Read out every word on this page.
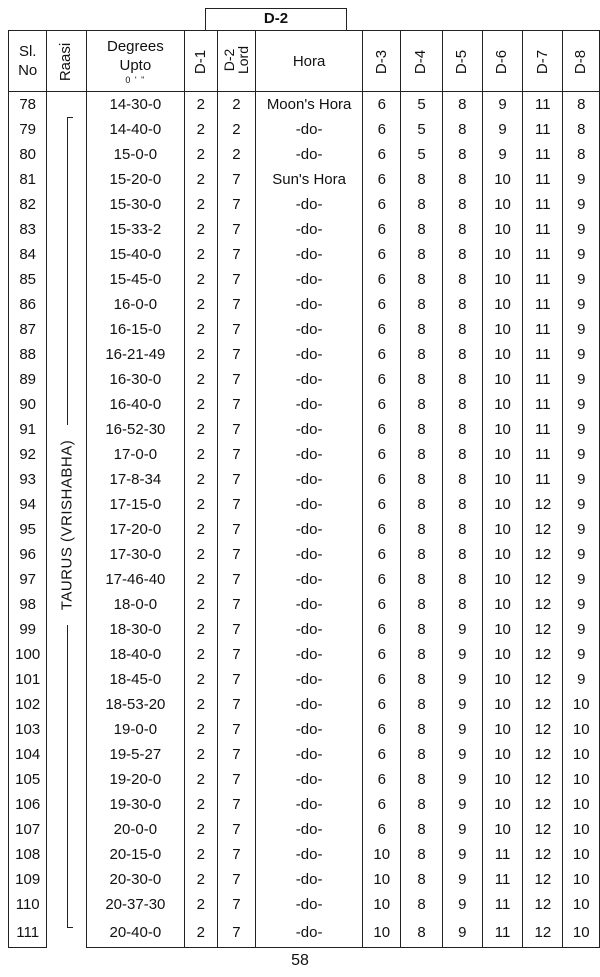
D-2
Sl.
No	Raasi	Degrees
Upto
0 ' "	D-1	D-2
Lord	Hora	D-3	D-4	D-5	D-6	D-7	D-8
78	TAURUS (VRISHABHA)	14-30-0	2	2	Moon's Hora	6	5	8	9	11	8
79		14-40-0	2	2	-do-	6	5	8	9	11	8
80		15-0-0	2	2	-do-	6	5	8	9	11	8
81		15-20-0	2	7	Sun's Hora	6	8	8	10	11	9
82		15-30-0	2	7	-do-	6	8	8	10	11	9
83		15-33-2	2	7	-do-	6	8	8	10	11	9
84		15-40-0	2	7	-do-	6	8	8	10	11	9
85		15-45-0	2	7	-do-	6	8	8	10	11	9
86		16-0-0	2	7	-do-	6	8	8	10	11	9
87		16-15-0	2	7	-do-	6	8	8	10	11	9
88		16-21-49	2	7	-do-	6	8	8	10	11	9
89		16-30-0	2	7	-do-	6	8	8	10	11	9
90		16-40-0	2	7	-do-	6	8	8	10	11	9
91		16-52-30	2	7	-do-	6	8	8	10	11	9
92		17-0-0	2	7	-do-	6	8	8	10	11	9
93		17-8-34	2	7	-do-	6	8	8	10	11	9
94		17-15-0	2	7	-do-	6	8	8	10	12	9
95		17-20-0	2	7	-do-	6	8	8	10	12	9
96		17-30-0	2	7	-do-	6	8	8	10	12	9
97		17-46-40	2	7	-do-	6	8	8	10	12	9
98		18-0-0	2	7	-do-	6	8	8	10	12	9
99		18-30-0	2	7	-do-	6	8	9	10	12	9
100		18-40-0	2	7	-do-	6	8	9	10	12	9
101		18-45-0	2	7	-do-	6	8	9	10	12	9
102		18-53-20	2	7	-do-	6	8	9	10	12	10
103		19-0-0	2	7	-do-	6	8	9	10	12	10
104		19-5-27	2	7	-do-	6	8	9	10	12	10
105		19-20-0	2	7	-do-	6	8	9	10	12	10
106		19-30-0	2	7	-do-	6	8	9	10	12	10
107		20-0-0	2	7	-do-	6	8	9	10	12	10
108		20-15-0	2	7	-do-	10	8	9	11	12	10
109		20-30-0	2	7	-do-	10	8	9	11	12	10
110		20-37-30	2	7	-do-	10	8	9	11	12	10
111		20-40-0	2	7	-do-	10	8	9	11	12	10
58
